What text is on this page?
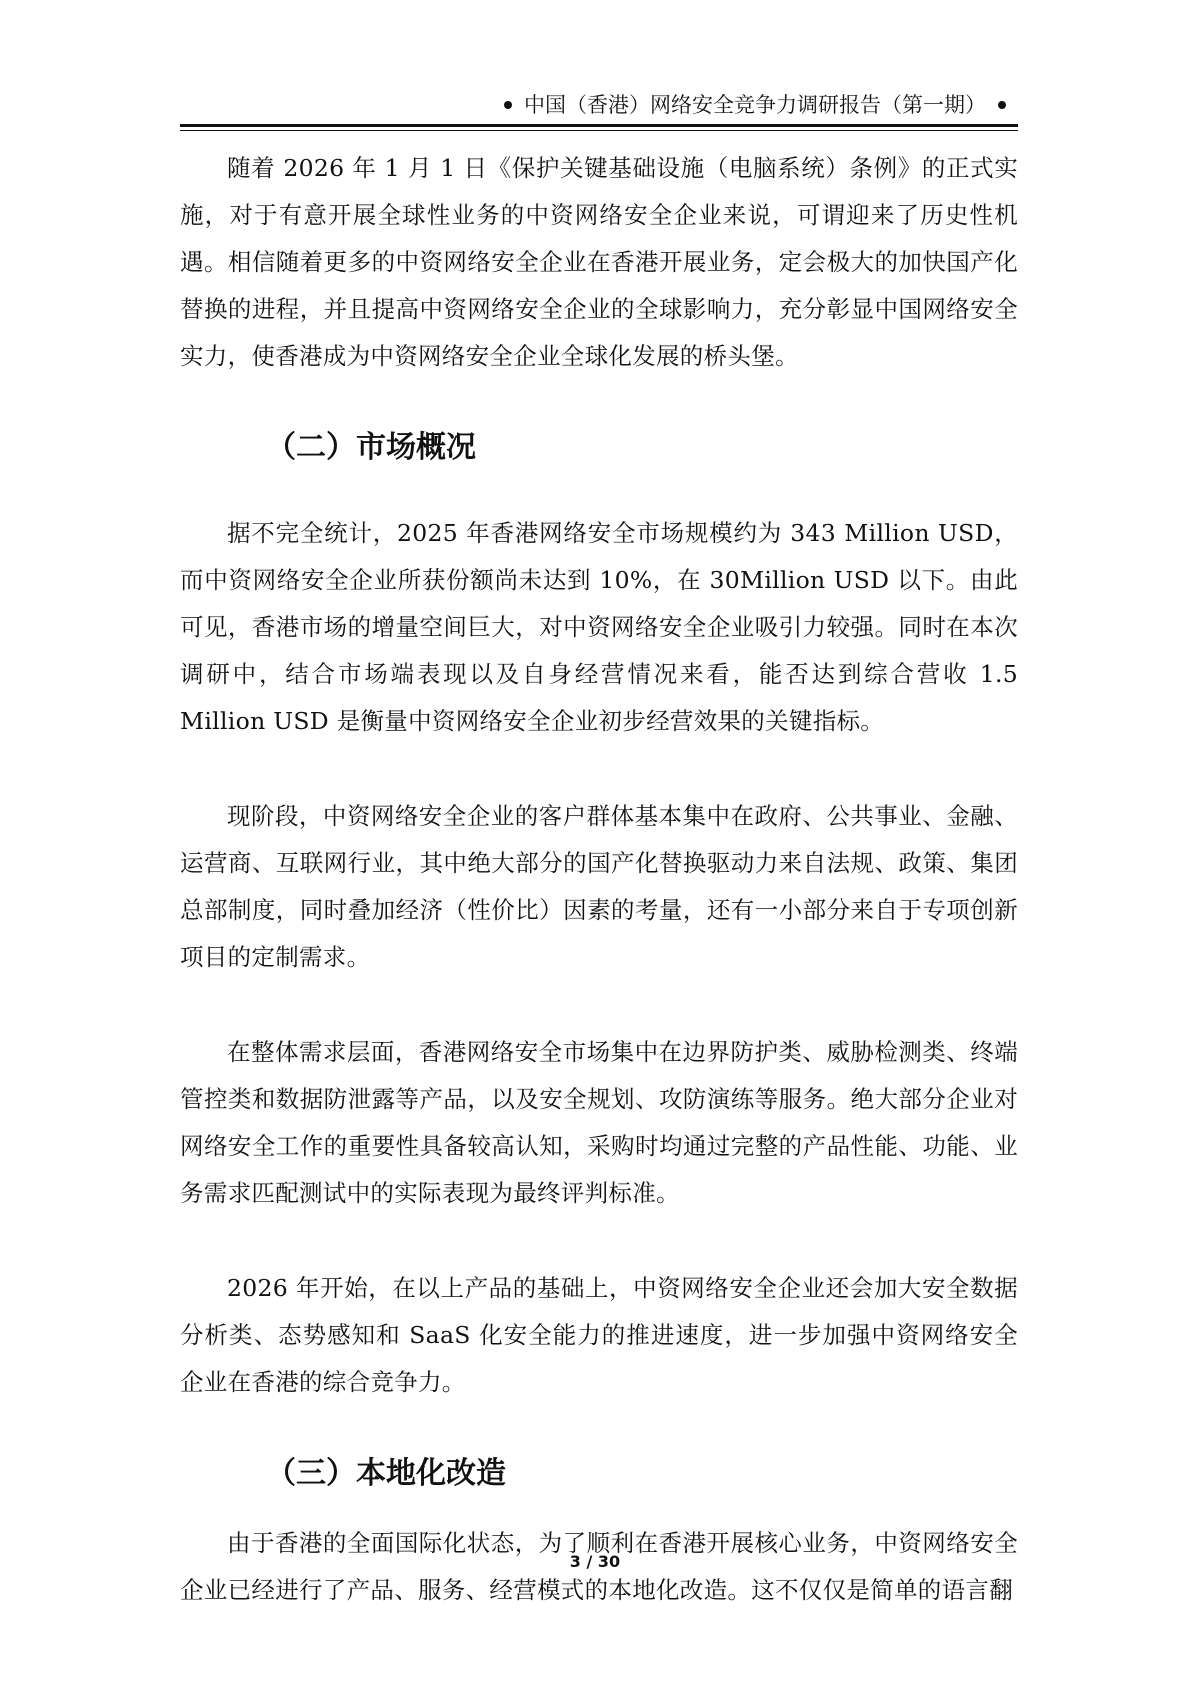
中国（香港）网络安全竞争力调研报告（第一期）

随着 2026 年 1 月 1 日《保护关键基础设施（电脑系统）条例》的正式实施，对于有意开展全球性业务的中资网络安全企业来说，可谓迎来了历史性机遇。相信随着更多的中资网络安全企业在香港开展业务，定会极大的加快国产化替换的进程，并且提高中资网络安全企业的全球影响力，充分彰显中国网络安全实力，使香港成为中资网络安全企业全球化发展的桥头堡。

（二）市场概况

据不完全统计，2025 年香港网络安全市场规模约为 343 Million USD，而中资网络安全企业所获份额尚未达到 10%，在 30Million USD 以下。由此可见，香港市场的增量空间巨大，对中资网络安全企业吸引力较强。同时在本次调研中，结合市场端表现以及自身经营情况来看，能否达到综合营收 1.5 Million USD 是衡量中资网络安全企业初步经营效果的关键指标。

现阶段，中资网络安全企业的客户群体基本集中在政府、公共事业、金融、运营商、互联网行业，其中绝大部分的国产化替换驱动力来自法规、政策、集团总部制度，同时叠加经济（性价比）因素的考量，还有一小部分来自于专项创新项目的定制需求。

在整体需求层面，香港网络安全市场集中在边界防护类、威胁检测类、终端管控类和数据防泄露等产品，以及安全规划、攻防演练等服务。绝大部分企业对网络安全工作的重要性具备较高认知，采购时均通过完整的产品性能、功能、业务需求匹配测试中的实际表现为最终评判标准。

2026 年开始，在以上产品的基础上，中资网络安全企业还会加大安全数据分析类、态势感知和 SaaS 化安全能力的推进速度，进一步加强中资网络安全企业在香港的综合竞争力。

（三）本地化改造

由于香港的全面国际化状态，为了顺利在香港开展核心业务，中资网络安全企业已经进行了产品、服务、经营模式的本地化改造。这不仅仅是简单的语言翻

3 / 30
